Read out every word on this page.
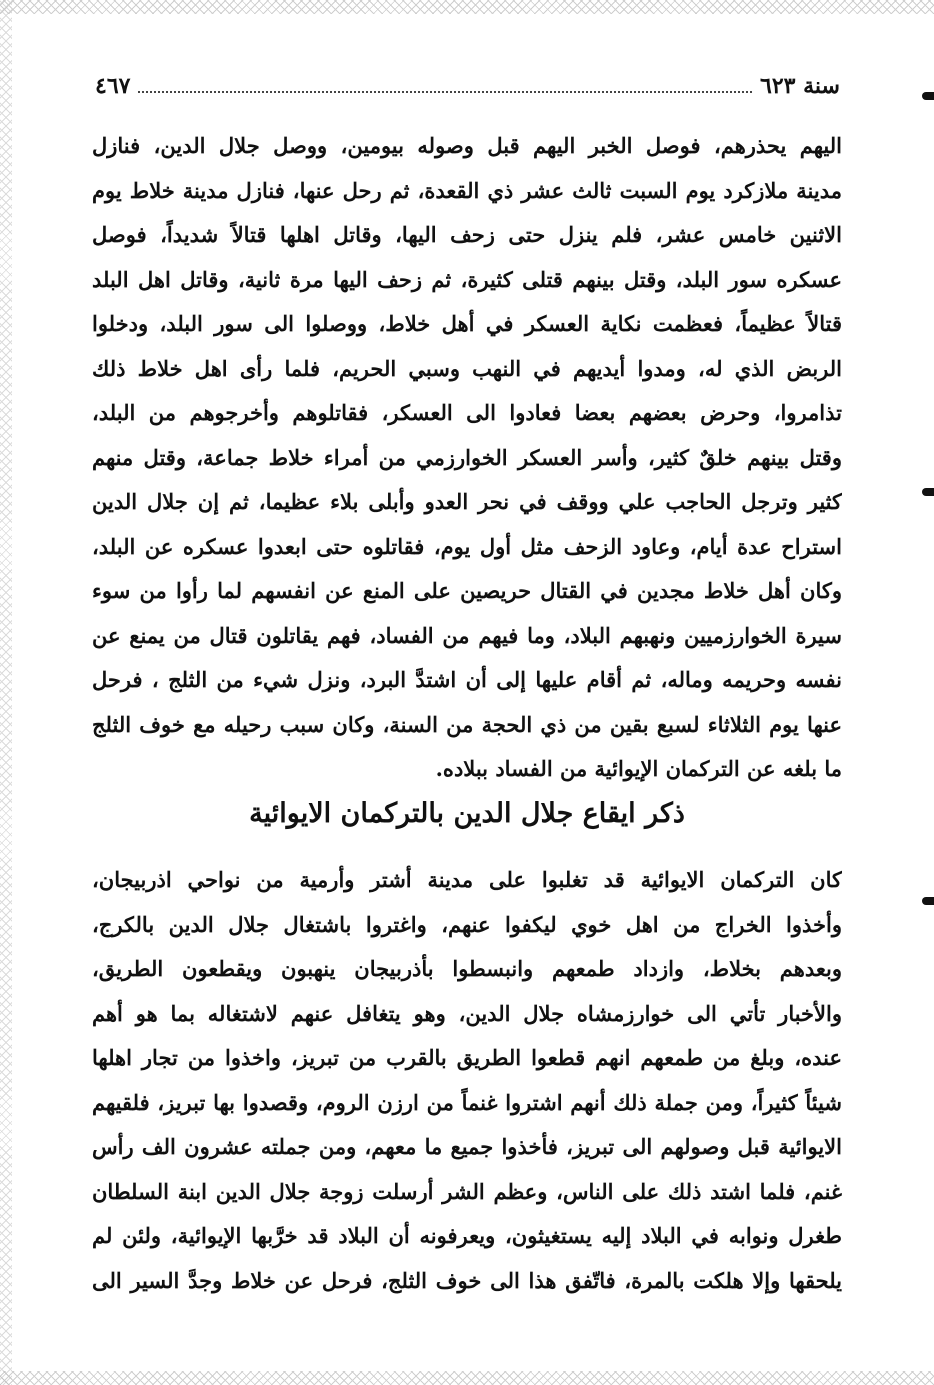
سنة ٦٢٣
٤٦٧

اليهم يحذرهم، فوصل الخبر اليهم قبل وصوله بيومين، ووصل جلال الدين، فنازل

مدينة ملازكرد يوم السبت ثالث عشر ذي القعدة، ثم رحل عنها، فنازل مدينة خلاط يوم

الاثنين خامس عشر، فلم ينزل حتى زحف اليها، وقاتل اهلها قتالاً شديداً، فوصل

عسكره سور البلد، وقتل بينهم قتلى كثيرة، ثم زحف اليها مرة ثانية، وقاتل اهل البلد

قتالاً عظيماً، فعظمت نكاية العسكر في أهل خلاط، ووصلوا الى سور البلد، ودخلوا

الربض الذي له، ومدوا أيديهم في النهب وسبي الحريم، فلما رأى اهل خلاط ذلك

تذامروا، وحرض بعضهم بعضا فعادوا الى العسكر، فقاتلوهم وأخرجوهم من البلد،

وقتل بينهم خلقٌ كثير، وأسر العسكر الخوارزمي من أمراء خلاط جماعة، وقتل منهم

كثير وترجل الحاجب علي ووقف في نحر العدو وأبلى بلاء عظيما، ثم إن جلال الدين

استراح عدة أيام، وعاود الزحف مثل أول يوم، فقاتلوه حتى ابعدوا عسكره عن البلد،

وكان أهل خلاط مجدين في القتال حريصين على المنع عن انفسهم لما رأوا من سوء

سيرة الخوارزميين ونهبهم البلاد، وما فيهم من الفساد، فهم يقاتلون قتال من يمنع عن

نفسه وحريمه وماله، ثم أقام عليها إلى أن اشتدَّ البرد، ونزل شيء من الثلج ، فرحل

عنها يوم الثلاثاء لسبع بقين من ذي الحجة من السنة، وكان سبب رحيله مع خوف الثلج

ما بلغه عن التركمان الإيوائية من الفساد ببلاده.

ذكر ايقاع جلال الدين بالتركمان الايوائية

كان التركمان الايوائية قد تغلبوا على مدينة أشتر وأرمية من نواحي اذربيجان،

وأخذوا الخراج من اهل خوي ليكفوا عنهم، واغتروا باشتغال جلال الدين بالكرج،

وبعدهم بخلاط، وازداد طمعهم وانبسطوا بأذربيجان ينهبون ويقطعون الطريق،

والأخبار تأتي الى خوارزمشاه جلال الدين، وهو يتغافل عنهم لاشتغاله بما هو أهم

عنده، وبلغ من طمعهم انهم قطعوا الطريق بالقرب من تبريز، واخذوا من تجار اهلها

شيئاً كثيراً، ومن جملة ذلك أنهم اشتروا غنماً من ارزن الروم، وقصدوا بها تبريز، فلقيهم

الايوائية قبل وصولهم الى تبريز، فأخذوا جميع ما معهم، ومن جملته عشرون الف رأس

غنم، فلما اشتد ذلك على الناس، وعظم الشر أرسلت زوجة جلال الدين ابنة السلطان

طغرل ونوابه في البلاد إليه يستغيثون، ويعرفونه أن البلاد قد خرَّبها الإيوائية، ولئن لم

يلحقها وإلا هلكت بالمرة، فاتّفق هذا الى خوف الثلج، فرحل عن خلاط وجدَّ السير الى
